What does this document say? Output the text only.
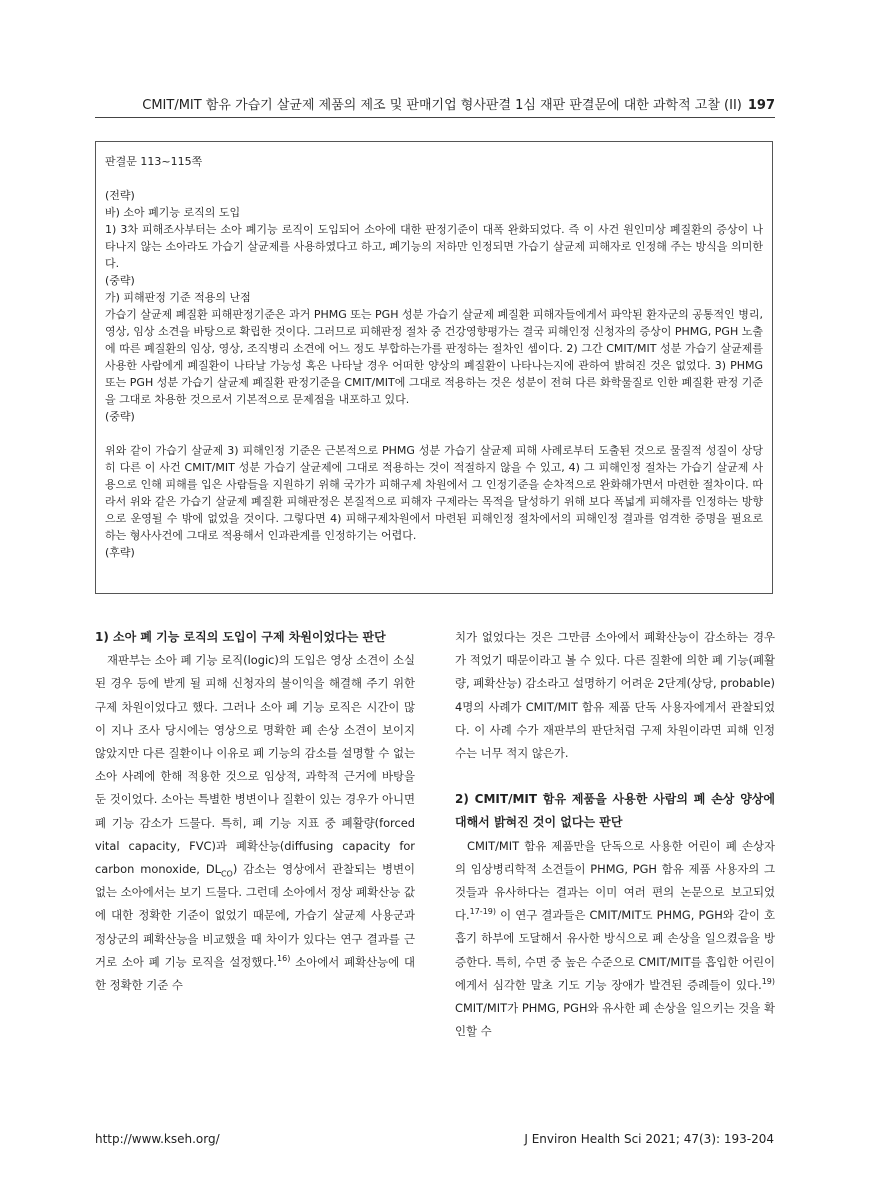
CMIT/MIT 함유 가습기 살균제 제품의 제조 및 판매기업 형사판결 1심 재판 판결문에 대한 과학적 고찰 (II) 197

판결문 113~115쪽

(전략)

바) 소아 폐기능 로직의 도입

1) 3차 피해조사부터는 소아 폐기능 로직이 도입되어 소아에 대한 판정기준이 대폭 완화되었다. 즉 이 사건 원인미상 폐질환의 증상이 나타나지 않는 소아라도 가습기 살균제를 사용하였다고 하고, 폐기능의 저하만 인정되면 가습기 살균제 피해자로 인정해 주는 방식을 의미한다.

(중략)

가) 피해판정 기준 적용의 난점

가습기 살균제 폐질환 피해판정기준은 과거 PHMG 또는 PGH 성분 가습기 살균제 폐질환 피해자들에게서 파악된 환자군의 공통적인 병리, 영상, 임상 소견을 바탕으로 확립한 것이다. 그러므로 피해판정 절차 중 건강영향평가는 결국 피해인정 신청자의 증상이 PHMG, PGH 노출에 따른 폐질환의 임상, 영상, 조직병리 소견에 어느 정도 부합하는가를 판정하는 절차인 셈이다. 2) 그간 CMIT/MIT 성분 가습기 살균제를 사용한 사람에게 폐질환이 나타날 가능성 혹은 나타날 경우 어떠한 양상의 폐질환이 나타나는지에 관하여 밝혀진 것은 없었다. 3) PHMG 또는 PGH 성분 가습기 살균제 폐질환 판정기준을 CMIT/MIT에 그대로 적용하는 것은 성분이 전혀 다른 화학물질로 인한 폐질환 판정 기준을 그대로 차용한 것으로서 기본적으로 문제점을 내포하고 있다.

(중략)

위와 같이 가습기 살균제 3) 피해인정 기준은 근본적으로 PHMG 성분 가습기 살균제 피해 사례로부터 도출된 것으로 물질적 성질이 상당히 다른 이 사건 CMIT/MIT 성분 가습기 살균제에 그대로 적용하는 것이 적절하지 않을 수 있고, 4) 그 피해인정 절차는 가습기 살균제 사용으로 인해 피해를 입은 사람들을 지원하기 위해 국가가 피해구제 차원에서 그 인정기준을 순차적으로 완화해가면서 마련한 절차이다. 따라서 위와 같은 가습기 살균제 폐질환 피해판정은 본질적으로 피해자 구제라는 목적을 달성하기 위해 보다 폭넓게 피해자를 인정하는 방향으로 운영될 수 밖에 없었을 것이다. 그렇다면 4) 피해구제차원에서 마련된 피해인정 절차에서의 피해인정 결과를 엄격한 증명을 필요로 하는 형사사건에 그대로 적용해서 인과관계를 인정하기는 어렵다.

(후략)

1) 소아 폐 기능 로직의 도입이 구제 차원이었다는 판단

재판부는 소아 폐 기능 로직(logic)의 도입은 영상 소견이 소실된 경우 등에 받게 될 피해 신청자의 불이익을 해결해 주기 위한 구제 차원이었다고 했다. 그러나 소아 폐 기능 로직은 시간이 많이 지나 조사 당시에는 영상으로 명확한 폐 손상 소견이 보이지 않았지만 다른 질환이나 이유로 폐 기능의 감소를 설명할 수 없는 소아 사례에 한해 적용한 것으로 임상적, 과학적 근거에 바탕을 둔 것이었다. 소아는 특별한 병변이나 질환이 있는 경우가 아니면 폐 기능 감소가 드물다. 특히, 폐 기능 지표 중 폐활량(forced vital capacity, FVC)과 폐확산능(diffusing capacity for carbon monoxide, $DL_{CO}$) 감소는 영상에서 관찰되는 병변이 없는 소아에서는 보기 드물다. 그런데 소아에서 정상 폐확산능 값에 대한 정확한 기준이 없었기 때문에, 가습기 살균제 사용군과 정상군의 폐확산능을 비교했을 때 차이가 있다는 연구 결과를 근거로 소아 폐 기능 로직을 설정했다.$^{16)}$ 소아에서 폐확산능에 대한 정확한 기준 수

치가 없었다는 것은 그만큼 소아에서 폐확산능이 감소하는 경우가 적었기 때문이라고 볼 수 있다. 다른 질환에 의한 폐 기능(폐활량, 폐확산능) 감소라고 설명하기 어려운 2단계(상당, probable) 4명의 사례가 CMIT/MIT 함유 제품 단독 사용자에게서 관찰되었다. 이 사례 수가 재판부의 판단처럼 구제 차원이라면 피해 인정 수는 너무 적지 않은가.

2) CMIT/MIT 함유 제품을 사용한 사람의 폐 손상 양상에 대해서 밝혀진 것이 없다는 판단

CMIT/MIT 함유 제품만을 단독으로 사용한 어린이 폐 손상자의 임상병리학적 소견들이 PHMG, PGH 함유 제품 사용자의 그것들과 유사하다는 결과는 이미 여러 편의 논문으로 보고되었다.$^{17-19)}$ 이 연구 결과들은 CMIT/MIT도 PHMG, PGH와 같이 호흡기 하부에 도달해서 유사한 방식으로 폐 손상을 일으켰음을 방증한다. 특히, 수면 중 높은 수준으로 CMIT/MIT를 흡입한 어린이에게서 심각한 말초 기도 기능 장애가 발견된 증례들이 있다.$^{19)}$ CMIT/MIT가 PHMG, PGH와 유사한 폐 손상을 일으키는 것을 확인할 수

http://www.kseh.org/	J Environ Health Sci 2021; 47(3): 193-204
